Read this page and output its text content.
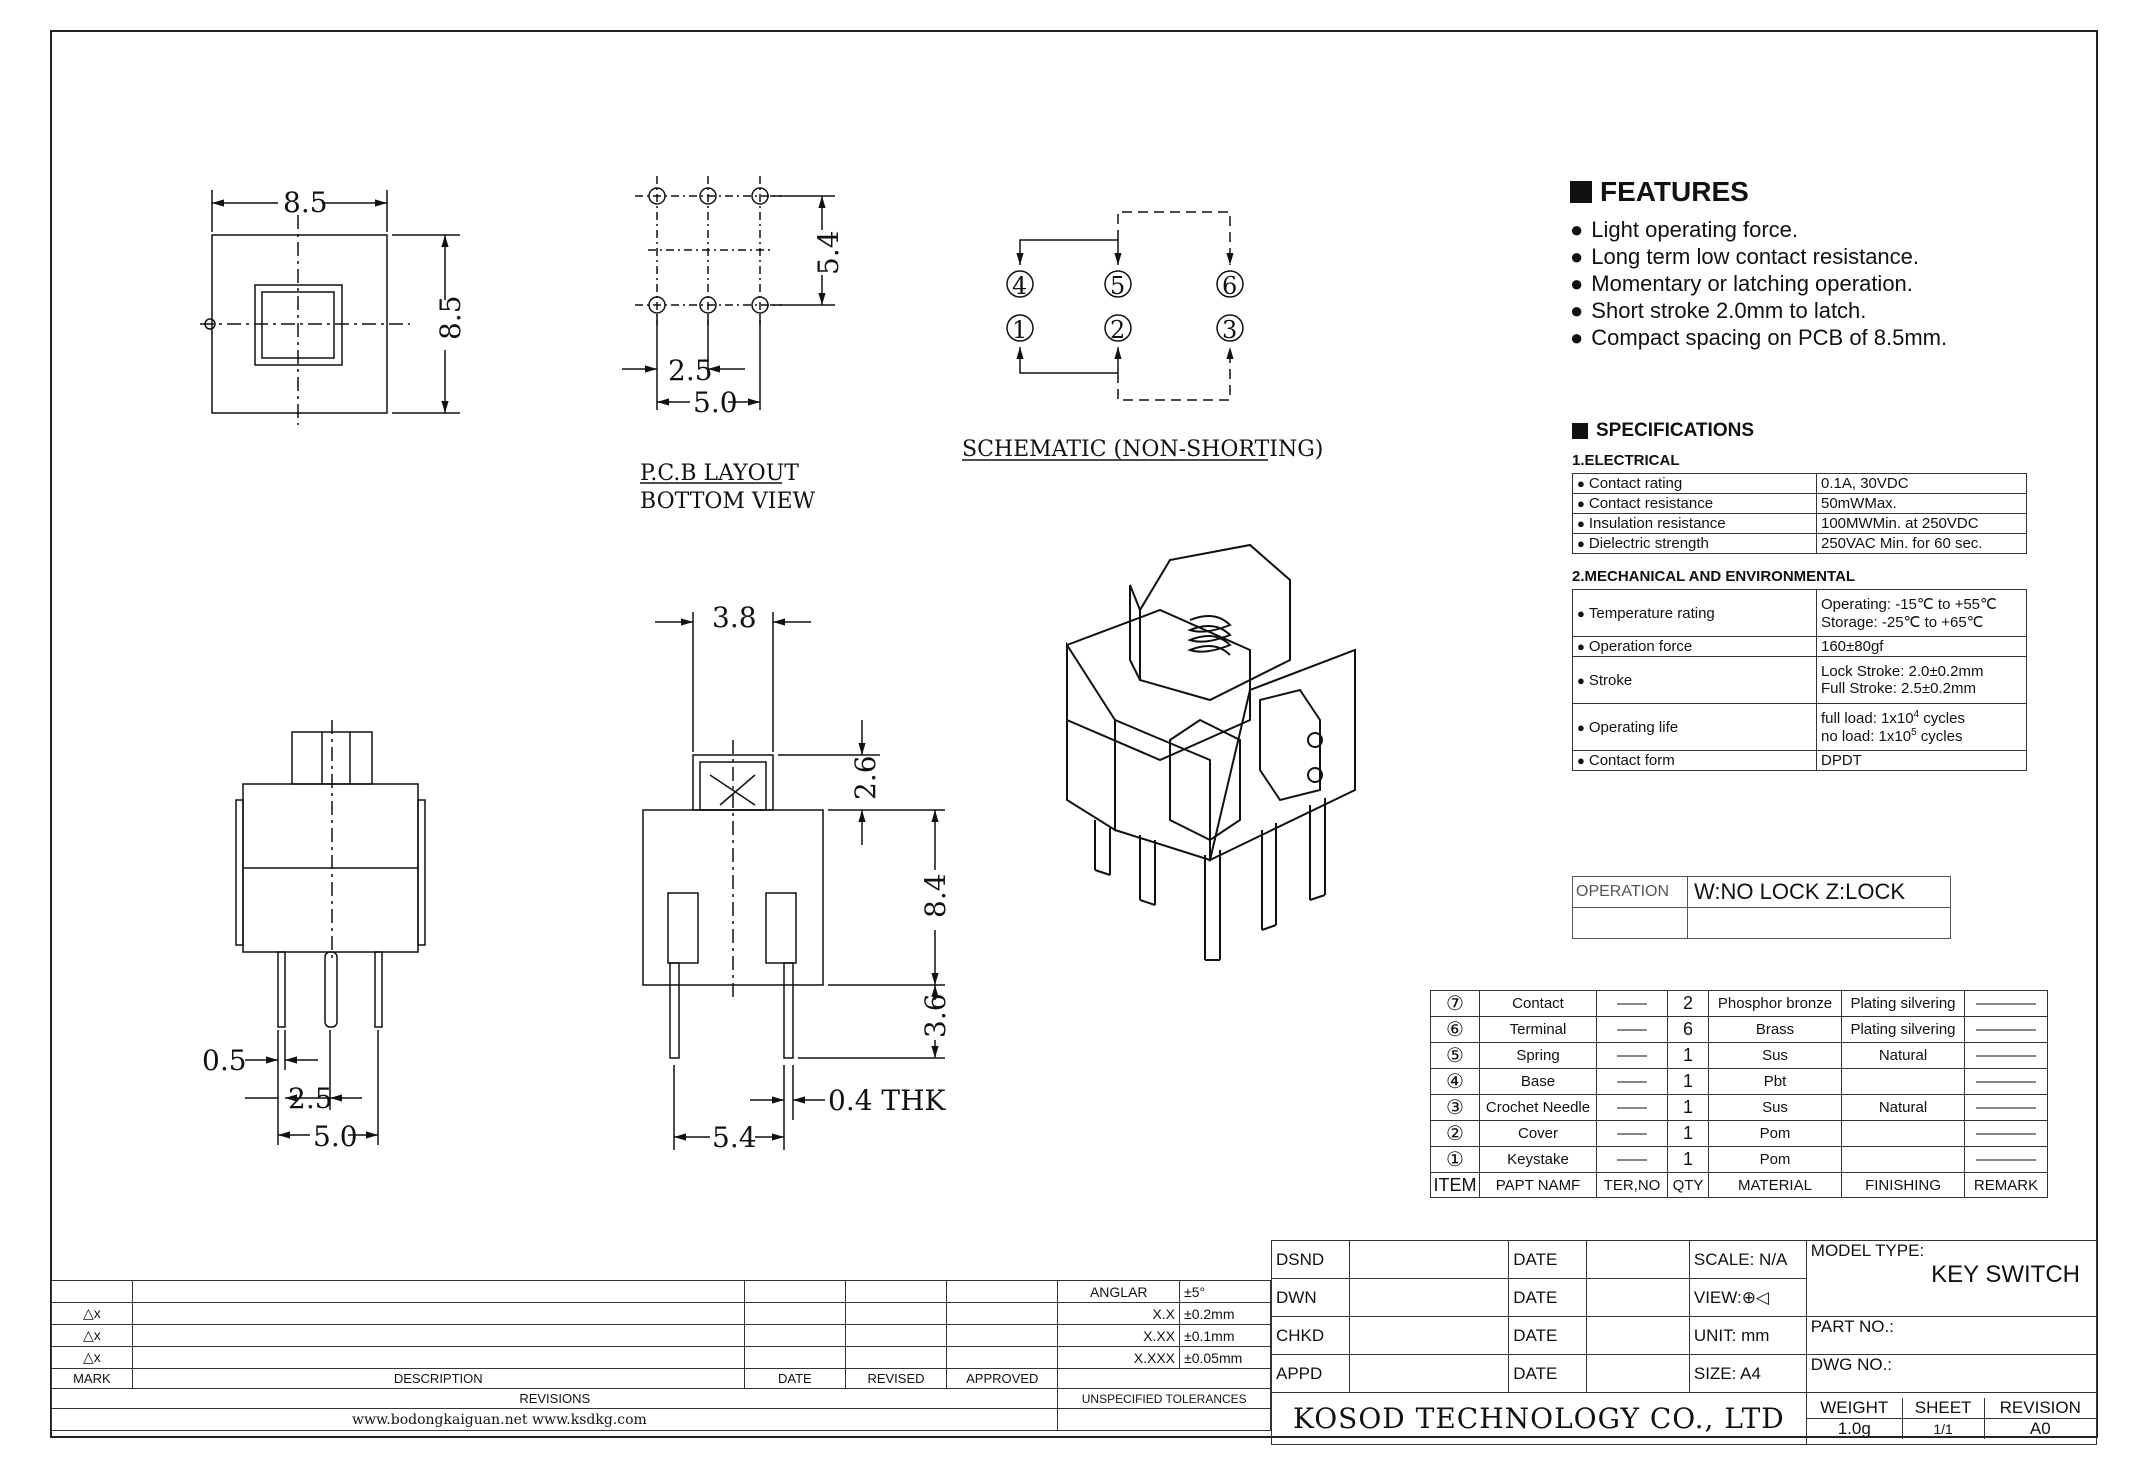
8.5
8.5
5.4
2.5
5.0
P.C.B LAYOUT
BOTTOM VIEW
SCHEMATIC (NON-SHORTING)
4	5	6
1	2	3
0.5
2.5
5.0
3.8
2.6
8.4
3.6
0.4 THK
5.4
FEATURES
● Light operating force.
● Long term low contact resistance.
● Momentary or latching operation.
● Short stroke 2.0mm to latch.
● Compact spacing on PCB of 8.5mm.
SPECIFICATIONS
1.ELECTRICAL
● Contact rating	0.1A, 30VDC
● Contact resistance	50mWMax.
● Insulation resistance	100MWMin. at 250VDC
● Dielectric strength	250VAC Min. for 60 sec.
2.MECHANICAL AND ENVIRONMENTAL
● Temperature rating	Operating: -15℃ to +55℃
Storage: -25℃ to +65℃

● Operation force	160±80gf
● Stroke	Lock Stroke: 2.0±0.2mm
Full Stroke: 2.5±0.2mm

● Operating life	full load: $1x10^4$ cycles
no load: $1x10^5$ cycles

● Contact form	DPDT
OPERATION	W:NO LOCK Z:LOCK

⑦	Contact	——	2	Phosphor bronze	Plating silvering	————
⑥	Terminal	——	6	Brass	Plating silvering	————
⑤	Spring	——	1	Sus	Natural	————
④	Base	——	1	Pbt		————
③	Crochet Needle	——	1	Sus	Natural	————
②	Cover	——	1	Pom		————
①	Keystake	——	1	Pom		————
ITEM	PAPT NAMF	TER,NO	QTY	MATERIAL	FINISHING	REMARK
					ANGLAR	±5°
△x					X.X	±0.2mm
△x					X.XX	±0.1mm
△x					X.XXX	±0.05mm
MARK	DESCRIPTION	DATE	REVISED	APPROVED		
REVISIONS					UNSPECIFIED TOLERANCES	
www.bodongkaiguan.net www.ksdkg.com						
DSND		DATE		SCALE: N/A	MODEL TYPE:
KEY SWITCH

DWN		DATE		VIEW:⊕◁
CHKD		DATE		UNIT: mm	PART NO.:
APPD		DATE		SIZE: A4	DWG NO.:
KOSOD TECHNOLOGY CO., LTD	WEIGHT	SHEET	REVISION
1.0g	1/1	A0
